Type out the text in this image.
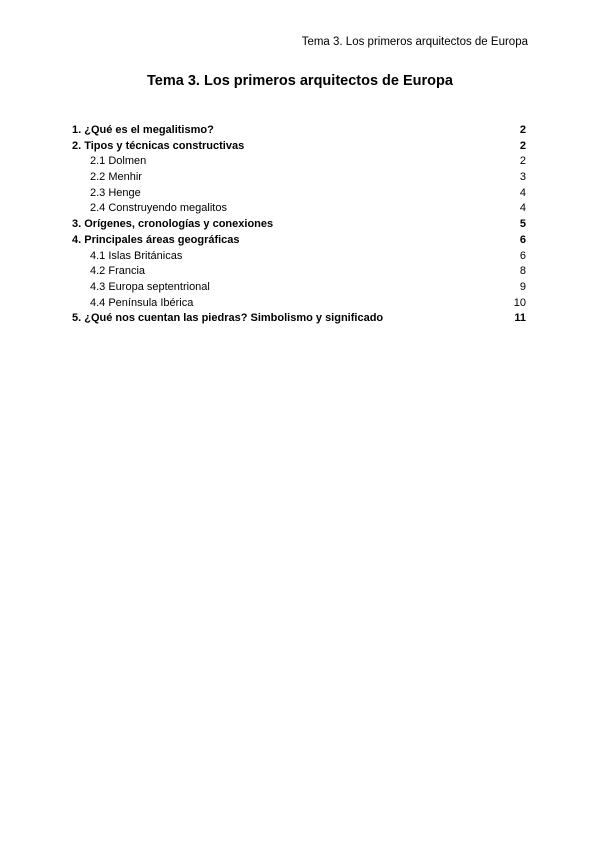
Tema 3. Los primeros arquitectos de Europa
Tema 3. Los primeros arquitectos de Europa
1. ¿Qué es el megalitismo?	2
2. Tipos y técnicas constructivas	2
2.1 Dolmen	2
2.2 Menhir	3
2.3 Henge	4
2.4 Construyendo megalitos	4
3. Orígenes, cronologías y conexiones	5
4. Principales áreas geográficas	6
4.1 Islas Británicas	6
4.2 Francia	8
4.3 Europa septentrional	9
4.4 Península Ibérica	10
5. ¿Qué nos cuentan las piedras? Simbolismo y significado	11
